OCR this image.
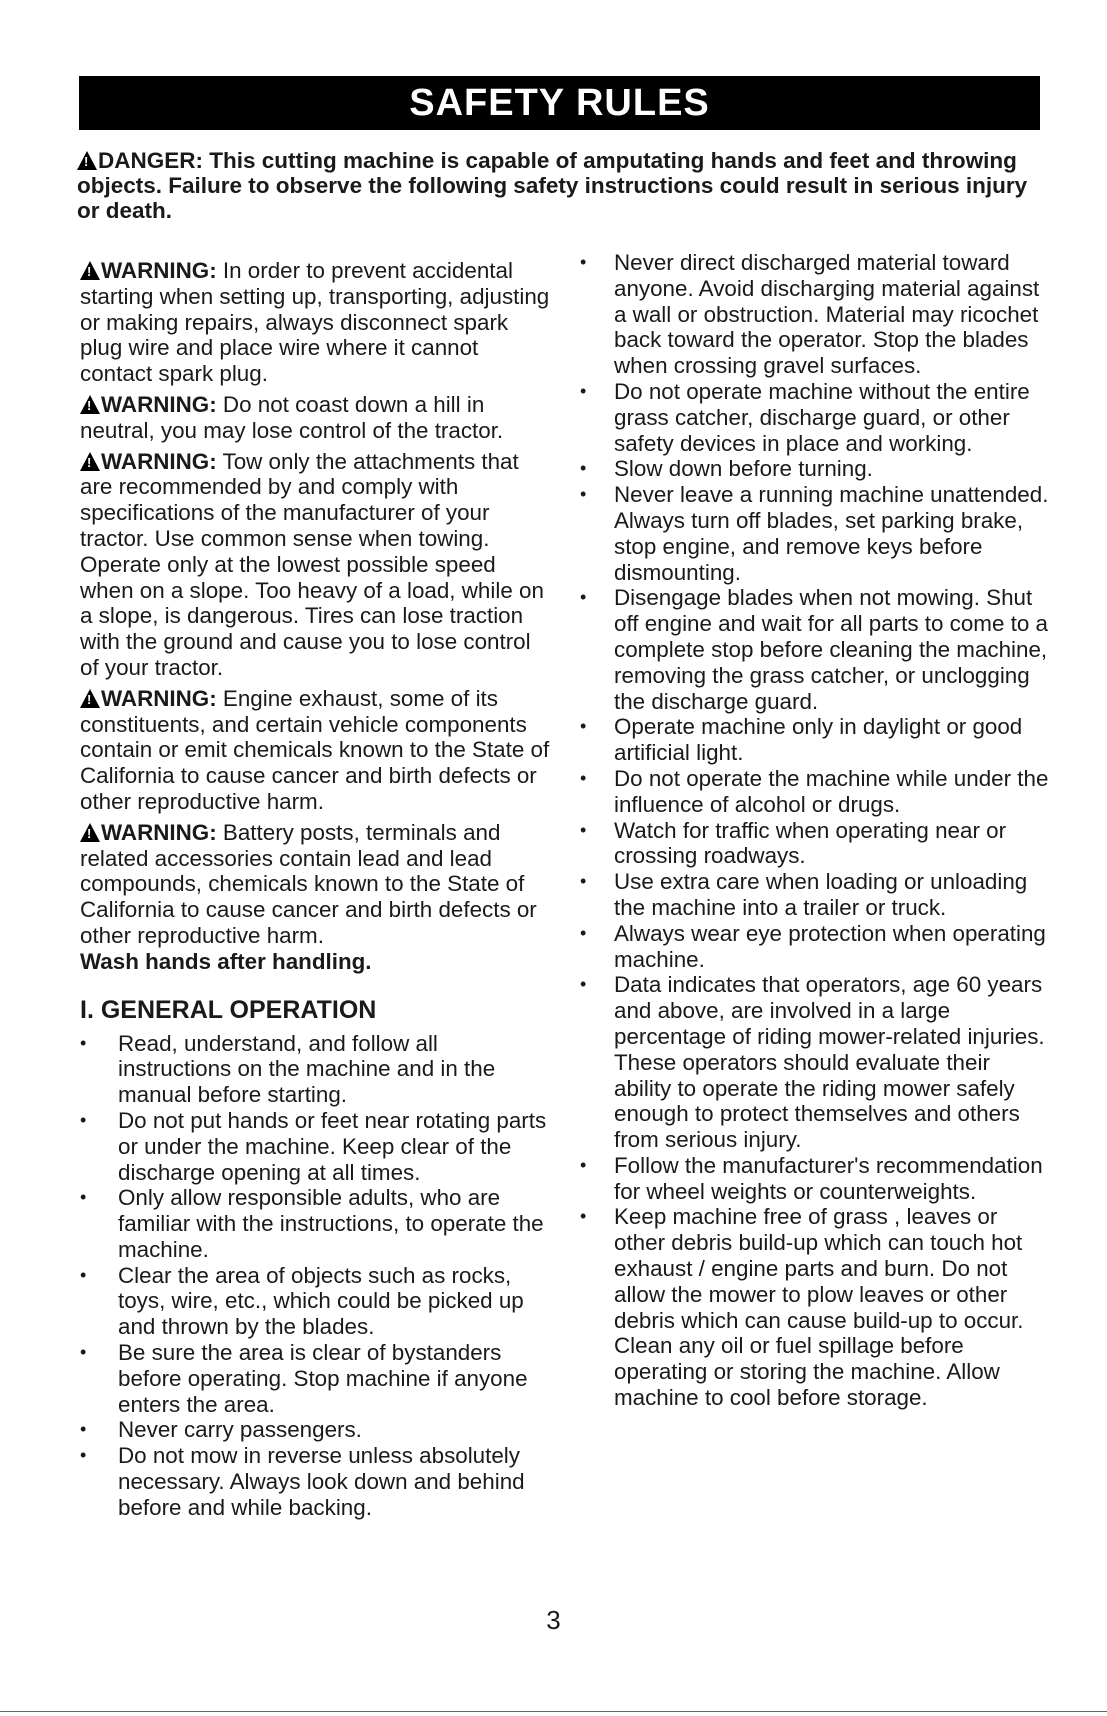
SAFETY RULES
!DANGER: This cutting machine is capable of amputating hands and feet and throwing objects. Failure to observe the following safety instructions could result in serious injury or death.

!WARNING: In order to prevent accidental starting when setting up, transporting, adjusting or making repairs, always disconnect spark plug wire and place wire where it cannot contact spark plug.

!WARNING: Do not coast down a hill in neutral, you may lose control of the tractor.

!WARNING: Tow only the attachments that are recommended by and comply with specifications of the manufacturer of your tractor. Use common sense when towing. Operate only at the lowest possible speed when on a slope. Too heavy of a load, while on a slope, is dangerous. Tires can lose traction with the ground and cause you to lose control of your tractor.

!WARNING: Engine exhaust, some of its constituents, and certain vehicle components contain or emit chemicals known to the State of California to cause cancer and birth defects or other reproductive harm.

!WARNING: Battery posts, terminals and related accessories contain lead and lead compounds, chemicals known to the State of California to cause cancer and birth defects or other reproductive harm.
Wash hands after handling.

I. GENERAL OPERATION
• Read, understand, and follow all instructions on the machine and in the manual before starting.
• Do not put hands or feet near rotating parts or under the machine. Keep clear of the discharge opening at all times.
• Only allow responsible adults, who are familiar with the instructions, to operate the machine.
• Clear the area of objects such as rocks, toys, wire, etc., which could be picked up and thrown by the blades.
• Be sure the area is clear of bystanders before operating. Stop machine if anyone enters the area.
• Never carry passengers.
• Do not mow in reverse unless absolutely necessary. Always look down and behind before and while backing.
• Never direct discharged material toward anyone. Avoid discharging material against a wall or obstruction. Material may ricochet back toward the operator. Stop the blades when crossing gravel surfaces.
• Do not operate machine without the entire grass catcher, discharge guard, or other safety devices in place and working.
• Slow down before turning.
• Never leave a running machine unattended. Always turn off blades, set parking brake, stop engine, and remove keys before dismounting.
• Disengage blades when not mowing. Shut off engine and wait for all parts to come to a complete stop before cleaning the machine, removing the grass catcher, or unclogging the discharge guard.
• Operate machine only in daylight or good artificial light.
• Do not operate the machine while under the influence of alcohol or drugs.
• Watch for traffic when operating near or crossing roadways.
• Use extra care when loading or unloading the machine into a trailer or truck.
• Always wear eye protection when operating machine.
• Data indicates that operators, age 60 years and above, are involved in a large percentage of riding mower-related injuries. These operators should evaluate their ability to operate the riding mower safely enough to protect themselves and others from serious injury.
• Follow the manufacturer's recommendation for wheel weights or counterweights.
• Keep machine free of grass , leaves or other debris build-up which can touch hot exhaust / engine parts and burn. Do not allow the mower to plow leaves or other debris which can cause build-up to occur. Clean any oil or fuel spillage before operating or storing the machine. Allow machine to cool before storage.
3
